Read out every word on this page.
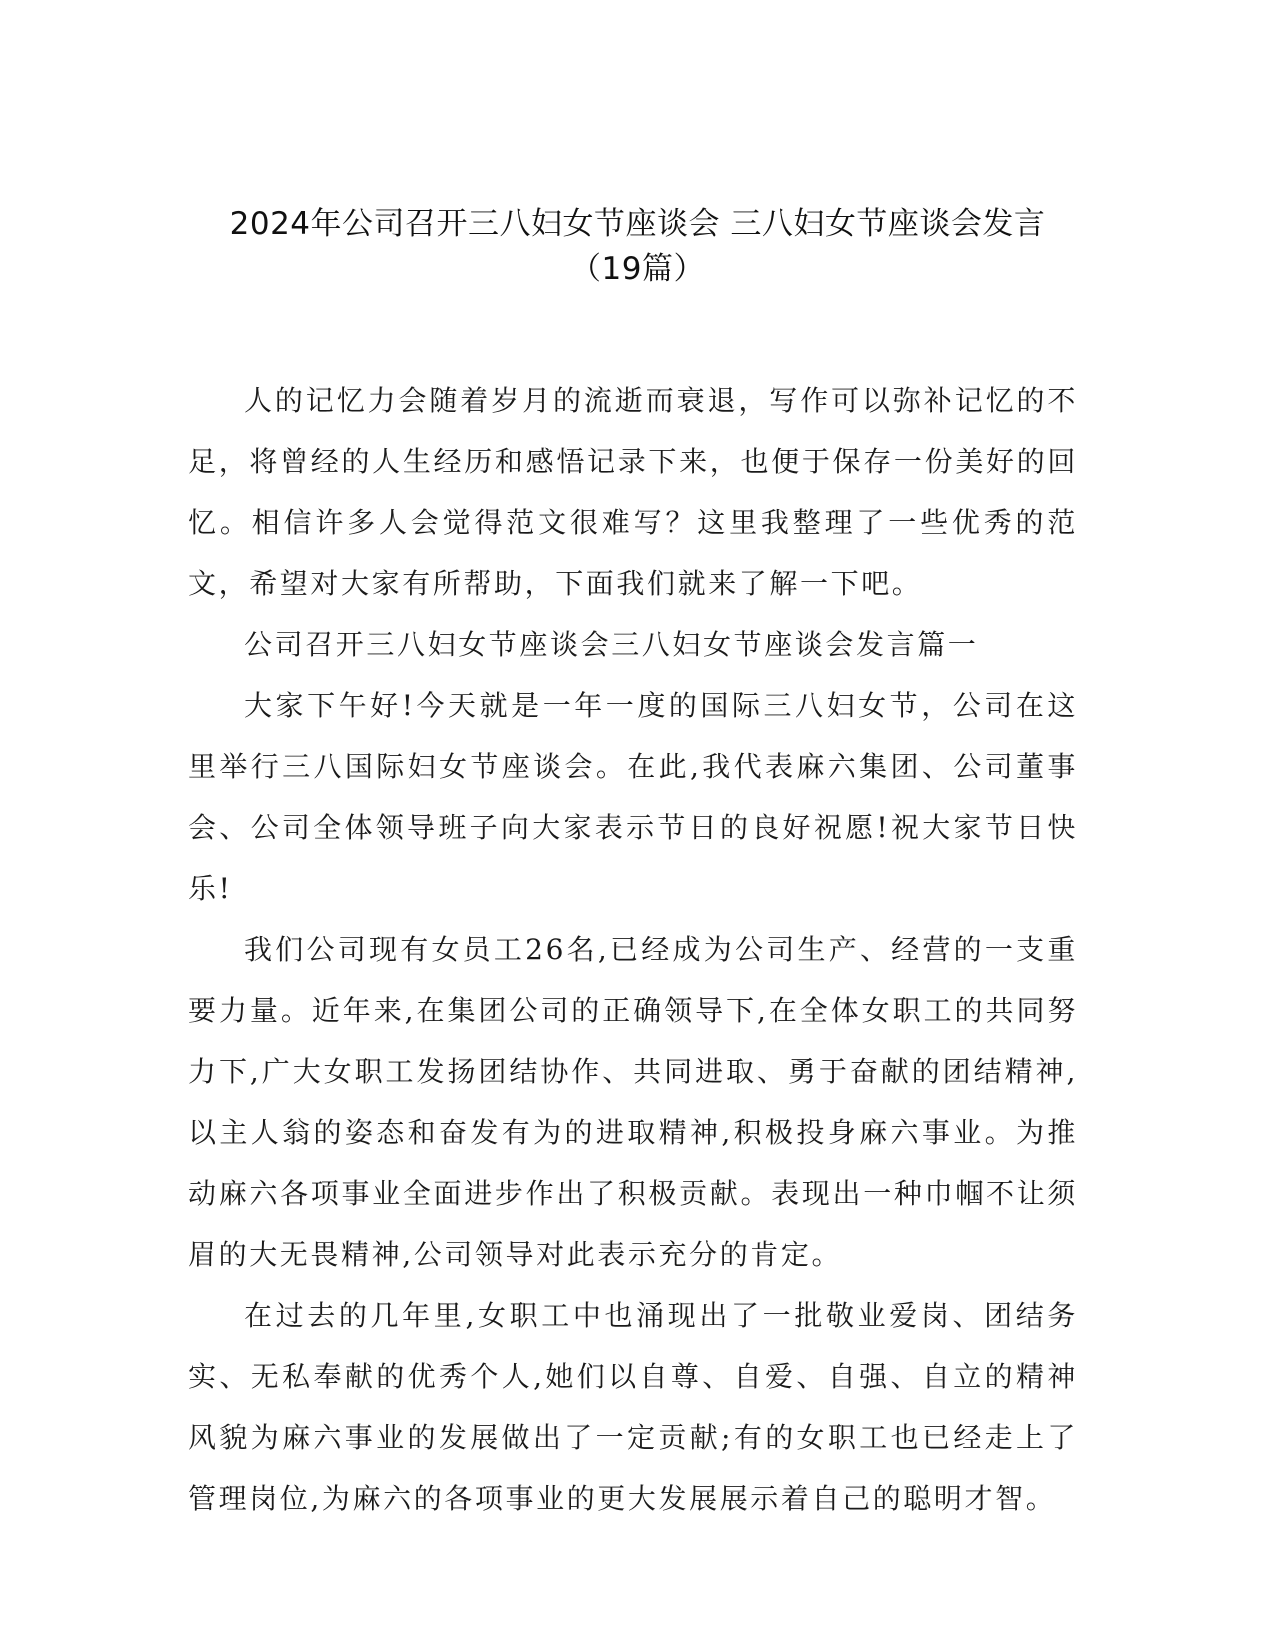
2024年公司召开三八妇女节座谈会 三八妇女节座谈会发言
（19篇）

人的记忆力会随着岁月的流逝而衰退，写作可以弥补记忆的不足，将曾经的人生经历和感悟记录下来，也便于保存一份美好的回忆。相信许多人会觉得范文很难写？这里我整理了一些优秀的范文，希望对大家有所帮助，下面我们就来了解一下吧。

公司召开三八妇女节座谈会三八妇女节座谈会发言篇一

大家下午好!今天就是一年一度的国际三八妇女节，公司在这里举行三八国际妇女节座谈会。在此,我代表麻六集团、公司董事会、公司全体领导班子向大家表示节日的良好祝愿!祝大家节日快乐!

我们公司现有女员工26名,已经成为公司生产、经营的一支重要力量。近年来,在集团公司的正确领导下,在全体女职工的共同努力下,广大女职工发扬团结协作、共同进取、勇于奋献的团结精神,以主人翁的姿态和奋发有为的进取精神,积极投身麻六事业。为推动麻六各项事业全面进步作出了积极贡献。表现出一种巾帼不让须眉的大无畏精神,公司领导对此表示充分的肯定。

在过去的几年里,女职工中也涌现出了一批敬业爱岗、团结务实、无私奉献的优秀个人,她们以自尊、自爱、自强、自立的精神风貌为麻六事业的发展做出了一定贡献;有的女职工也已经走上了管理岗位,为麻六的各项事业的更大发展展示着自己的聪明才智。
